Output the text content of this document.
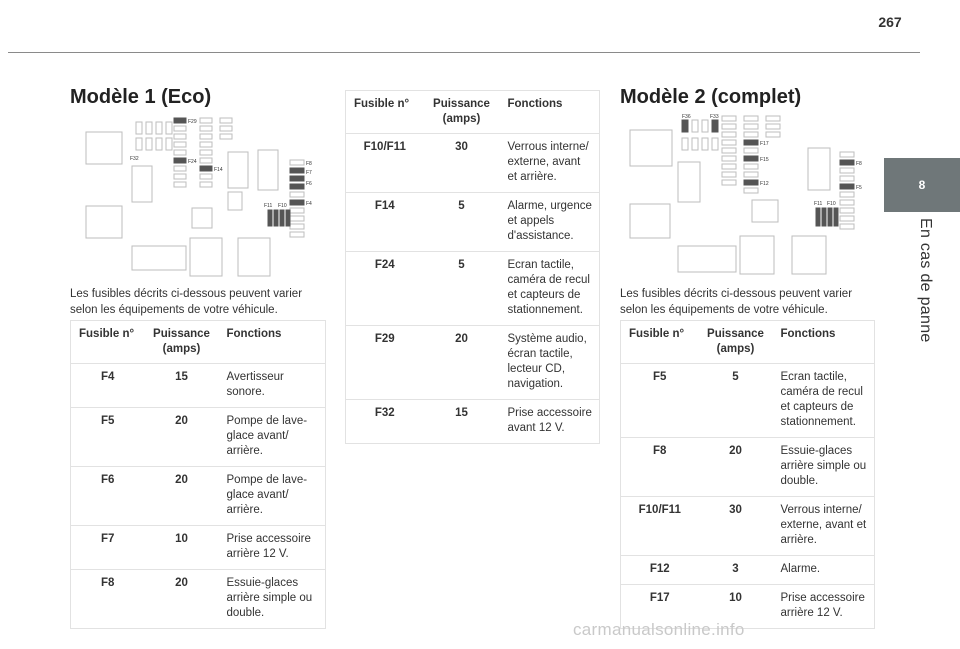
267
8
En cas de panne
Modèle 1 (Eco)
F29
F32	F24
F14
F8
F7
F6
F4
F11 F10
Les fusibles décrits ci-dessous peuvent varier selon les équipements de votre véhicule.
Fusible n°	Puissance (amps)	Fonctions
F4	15	Avertisseur sonore.
F5	20	Pompe de lave-glace avant/ arrière.
F6	20	Pompe de lave-glace avant/ arrière.
F7	10	Prise accessoire arrière 12 V.
F8	20	Essuie-glaces arrière simple ou double.
Fusible n°	Puissance (amps)	Fonctions
F10/F11	30	Verrous interne/ externe, avant et arrière.
F14	5	Alarme, urgence et appels d'assistance.
F24	5	Ecran tactile, caméra de recul et capteurs de stationnement.
F29	20	Système audio, écran tactile, lecteur CD, navigation.
F32	15	Prise accessoire avant 12 V.
Modèle 2 (complet)
F36	F33
F17
F15
F12
F8
F5
F11 F10
Les fusibles décrits ci-dessous peuvent varier selon les équipements de votre véhicule.
Fusible n°	Puissance (amps)	Fonctions
F5	5	Ecran tactile, caméra de recul et capteurs de stationnement.
F8	20	Essuie-glaces arrière simple ou double.
F10/F11	30	Verrous interne/ externe, avant et arrière.
F12	3	Alarme.
F17	10	Prise accessoire arrière 12 V.
carmanualsonline.info
